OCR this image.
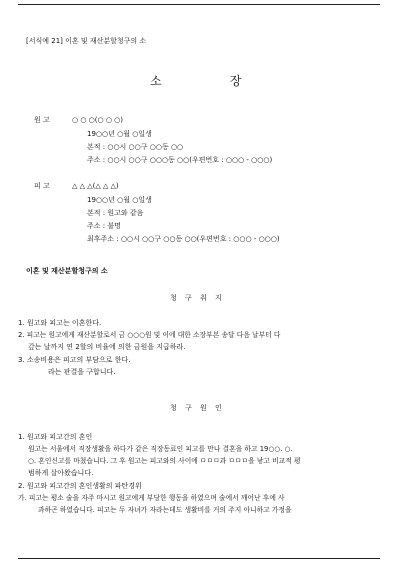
[서식예 21] 이혼 및 재산분할청구의 소
소	장
원 고	○ ○ ○(○ ○ ○)
19○○년 ○월 ○일생
본적 : ○○시 ○○구 ○○동 ○○
주소 : ○○시 ○○구 ○○○동 ○○(우편번호 : ○○○ - ○○○)
피 고	△ △ △(△ △ △)
19○○년 ○월 ○일생
본적 : 원고와 같음
주소 : 불명
최후주소 : ○○시 ○○구 ○○동 ○○(우편번호 : ○○○ - ○○○)
이혼 및 재산분할청구의 소
청 구 취 지
1. 원고와 피고는 이혼한다.
2. 피고는 원고에게 재산분할로서 금 ○○○원 및 이에 대한 소장부본 송달 다음 날부터 다
갚는 날까지 연 2할의 비율에 의한 금원을 지급하라.
3. 소송비용은 피고의 부담으로 한다.
라는 판결을 구합니다.
청 구 원 인
1. 원고와 피고간의 혼인
원고는 서울에서 직장생활을 하다가 같은 직장동료인 피고를 만나 결혼을 하고 19○○. ○.
○. 혼인신고를 마쳤습니다. 그 후 원고는 피고와의 사이에 ㅁㅁㅁ과 ㅁㅁㅁ을 낳고 비교적 평
범하게 살아왔습니다.
2. 원고와 피고간의 혼인생활의 파탄경위
가. 피고는 평소 술을 자주 마시고 원고에게 부당한 행동을 하였으며 술에서 깨어난 후에 사
과하곤 하였습니다. 피고는 두 자녀가 자라는데도 생활비를 거의 주지 아니하고 가정을
